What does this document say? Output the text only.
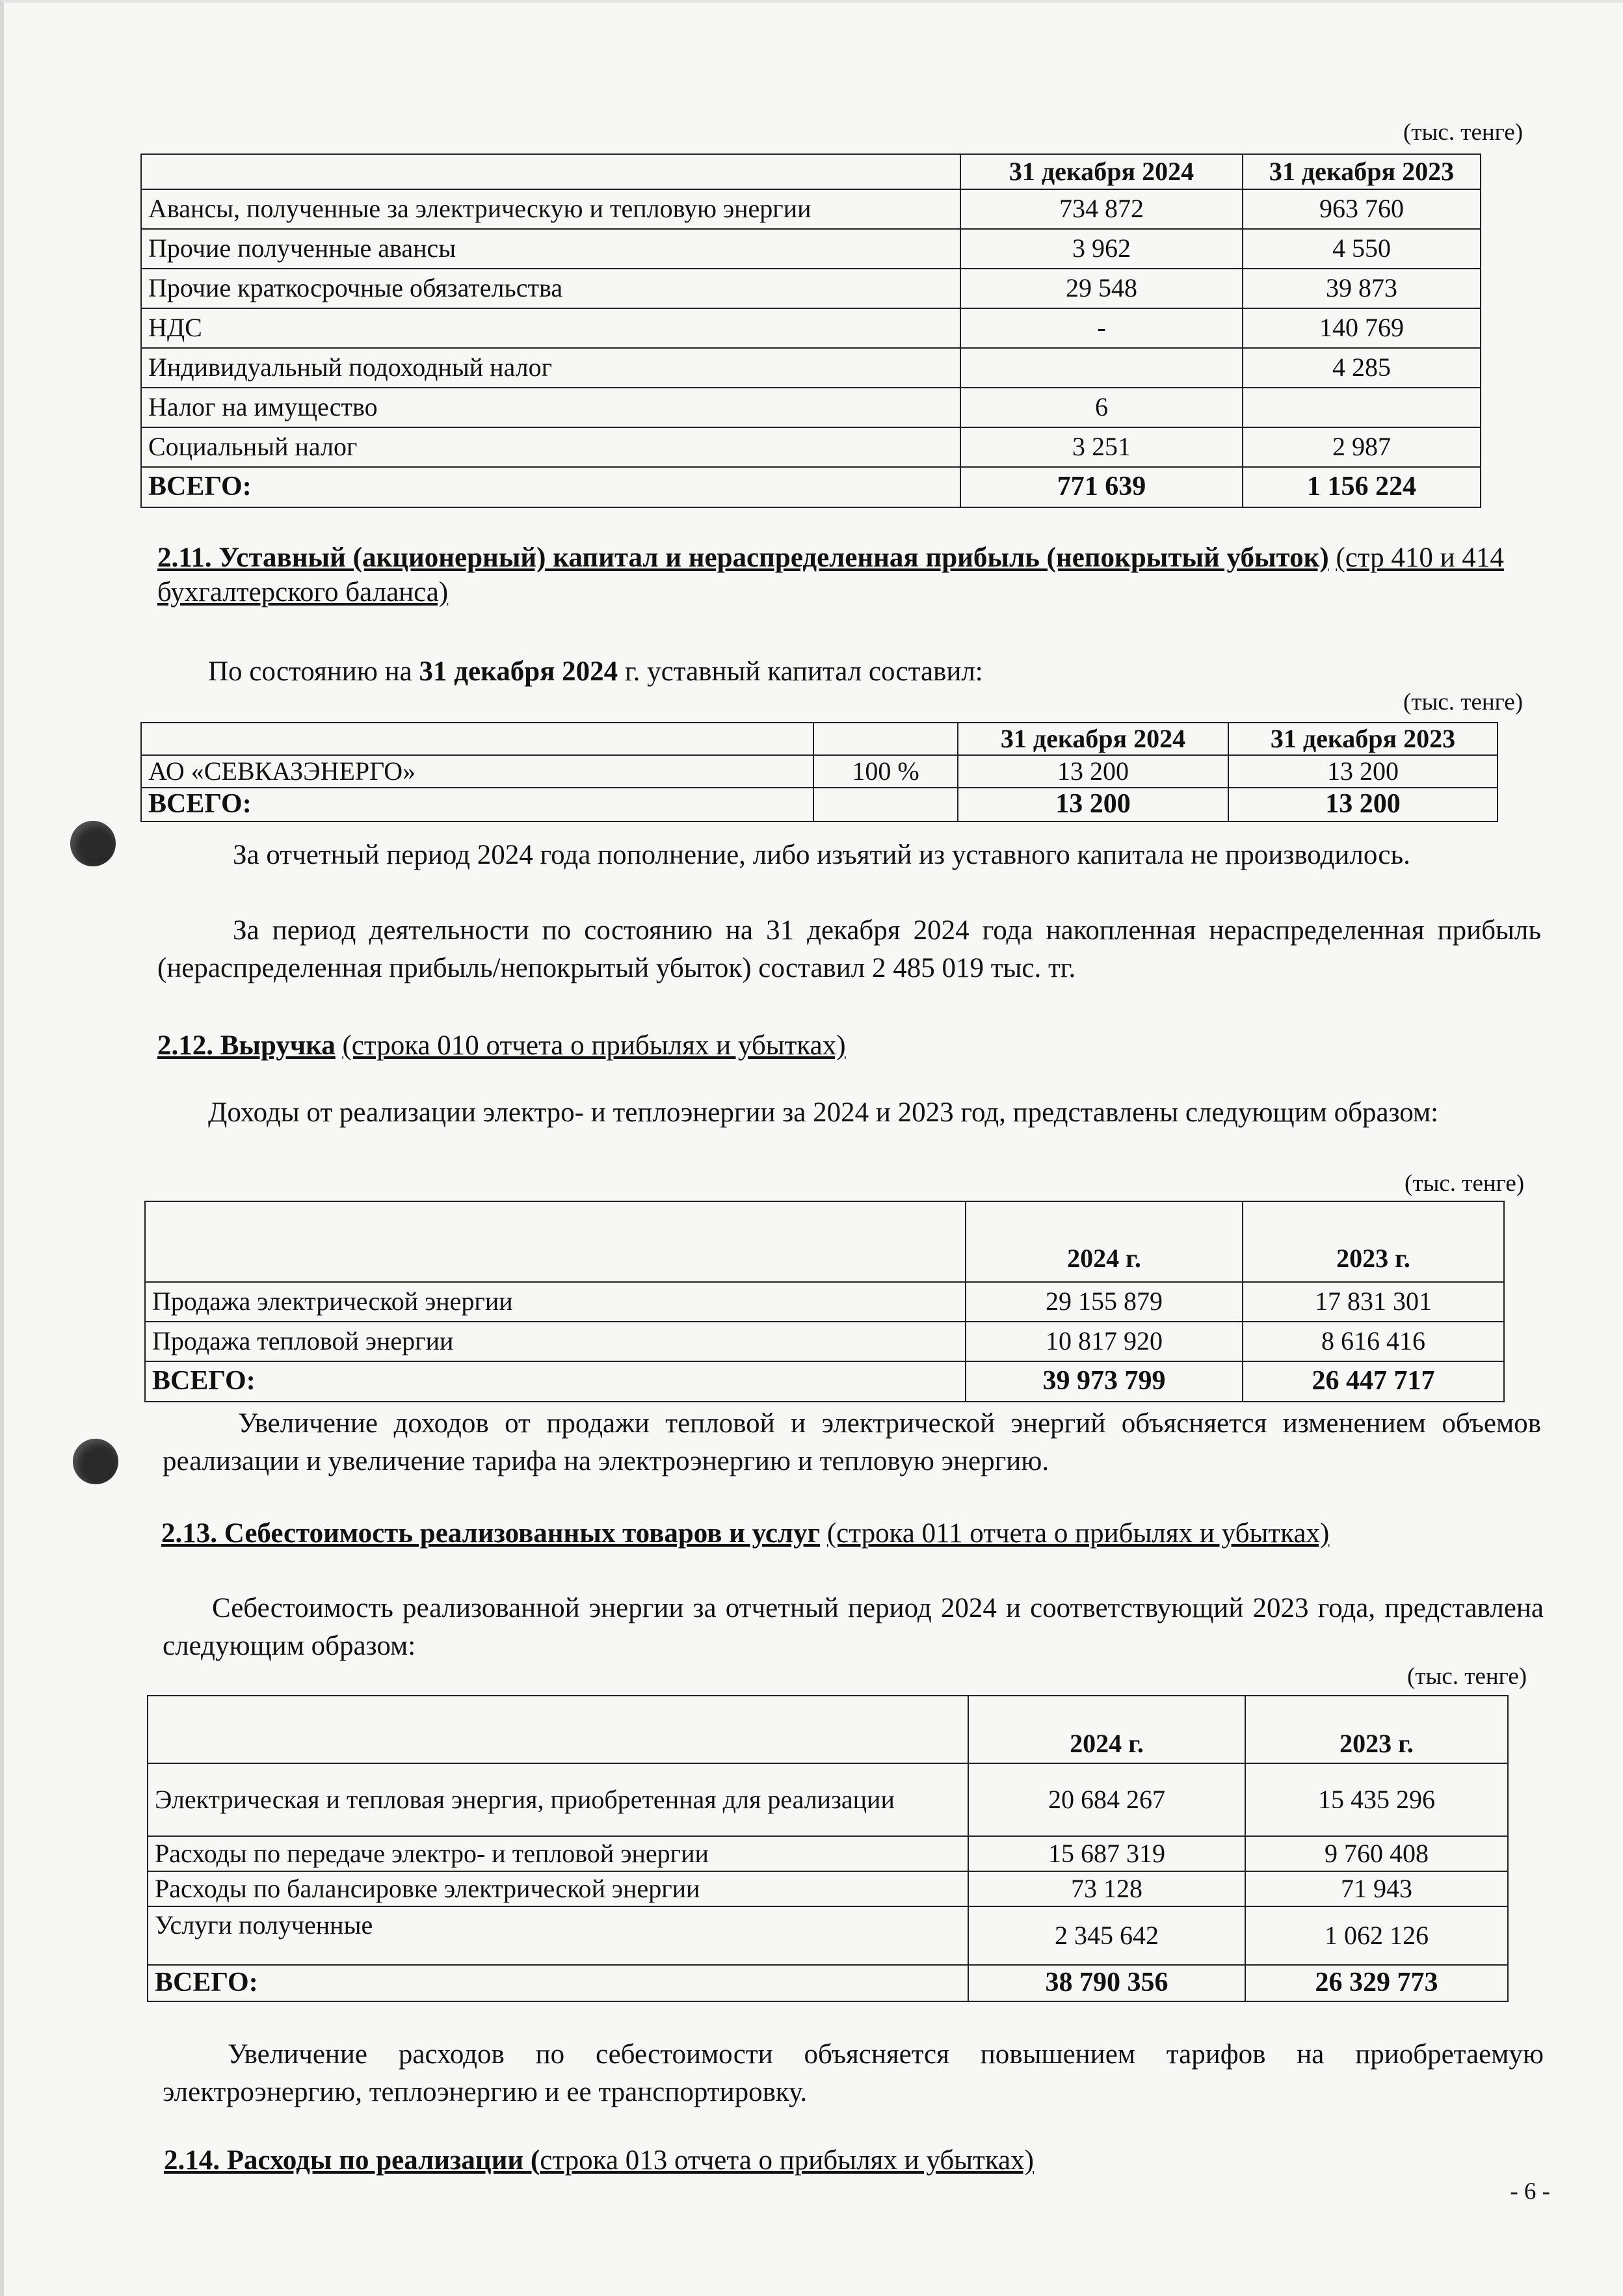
(тыс. тенге)
	31 декабря 2024	31 декабря 2023
Авансы, полученные за электрическую и тепловую энергии	734 872	963 760
Прочие полученные авансы	3 962	4 550
Прочие краткосрочные обязательства	29 548	39 873
НДС	-	140 769
Индивидуальный подоходный налог		4 285
Налог на имущество	6	
Социальный налог	3 251	2 987
ВСЕГО:	771 639	1 156 224
2.11. Уставный (акционерный) капитал и нераспределенная прибыль (непокрытый убыток) (стр 410 и 414 бухгалтерского баланса)
По состоянию на 31 декабря 2024 г. уставный капитал составил:
(тыс. тенге)
		31 декабря 2024	31 декабря 2023
АО «СЕВКАЗЭНЕРГО»	100 %	13 200	13 200
ВСЕГО:		13 200	13 200
За отчетный период 2024 года пополнение, либо изъятий из уставного капитала не производилось.
За период деятельности по состоянию на 31 декабря 2024 года накопленная нераспределенная прибыль (нераспределенная прибыль/непокрытый убыток) составил 2 485 019 тыс. тг.
2.12. Выручка (строка 010 отчета о прибылях и убытках)
Доходы от реализации электро- и теплоэнергии за 2024 и 2023 год, представлены следующим образом:
(тыс. тенге)
	2024 г.	2023 г.
Продажа электрической энергии	29 155 879	17 831 301
Продажа тепловой энергии	10 817 920	8 616 416
ВСЕГО:	39 973 799	26 447 717
Увеличение доходов от продажи тепловой и электрической энергий объясняется изменением объемов реализации и увеличение тарифа на электроэнергию и тепловую энергию.
2.13. Себестоимость реализованных товаров и услуг (строка 011 отчета о прибылях и убытках)
Себестоимость реализованной энергии за отчетный период 2024 и соответствующий 2023 года, представлена следующим образом:
(тыс. тенге)
	2024 г.	2023 г.
Электрическая и тепловая энергия, приобретенная для реализации	20 684 267	15 435 296
Расходы по передаче электро- и тепловой энергии	15 687 319	9 760 408
Расходы по балансировке электрической энергии	73 128	71 943
Услуги полученные	2 345 642	1 062 126
ВСЕГО:	38 790 356	26 329 773
Увеличение расходов по себестоимости объясняется повышением тарифов на приобретаемую электроэнергию, теплоэнергию и ее транспортировку.
2.14. Расходы по реализации (строка 013 отчета о прибылях и убытках)
- 6 -
